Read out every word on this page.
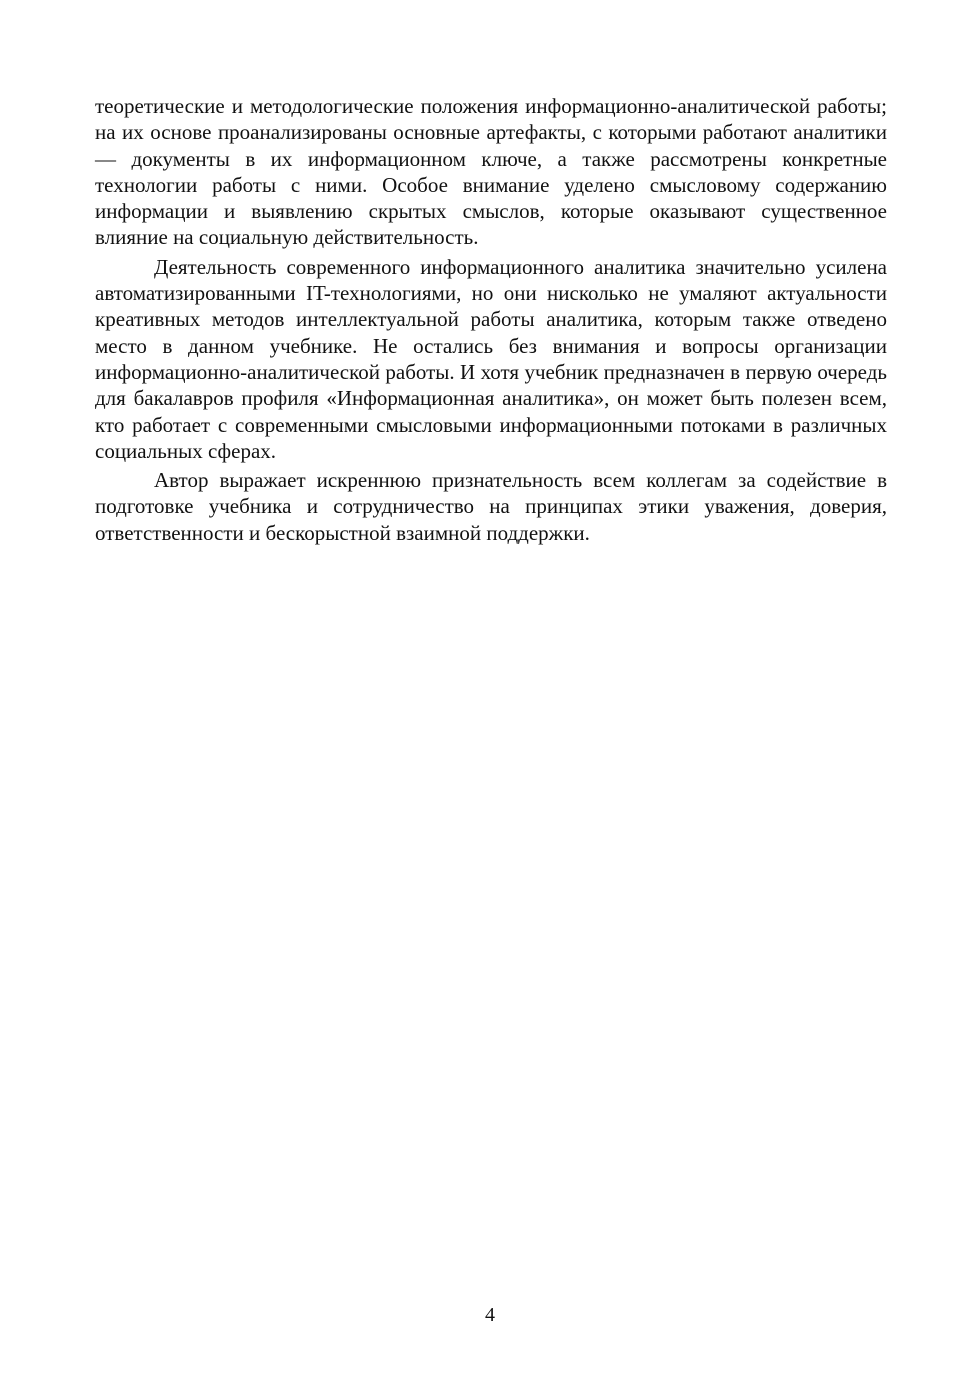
теоретические и методологические положения информационно-аналитической работы; на их основе проанализированы основные артефакты, с которыми работают аналитики — документы в их информационном ключе, а также рассмотрены конкретные технологии работы с ними. Особое внимание уделено смысловому содержанию информации и выявлению скрытых смыслов, которые оказывают существенное влияние на социальную действительность.

Деятельность современного информационного аналитика значительно усилена автоматизированными IT-технологиями, но они нисколько не умаляют актуальности креативных методов интеллектуальной работы аналитика, которым также отведено место в данном учебнике. Не остались без внимания и вопросы организации информационно-аналитической работы. И хотя учебник предназначен в первую очередь для бакалавров профиля «Информационная аналитика», он может быть полезен всем, кто работает с современными смысловыми информационными потоками в различных социальных сферах.

Автор выражает искреннюю признательность всем коллегам за содействие в подготовке учебника и сотрудничество на принципах этики уважения, доверия, ответственности и бескорыстной взаимной поддержки.

4
